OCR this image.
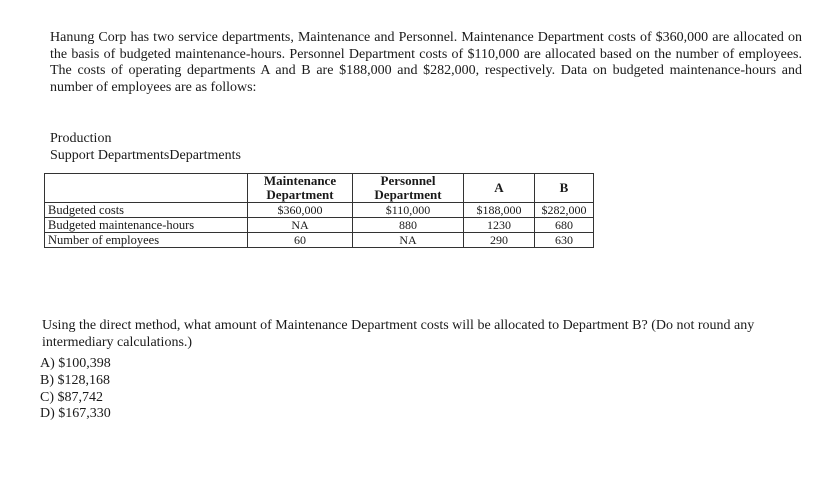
Hanung Corp has two service departments, Maintenance and Personnel. Maintenance Department costs of $360,000 are allocated on the basis of budgeted maintenance-hours. Personnel Department costs of $110,000 are allocated based on the number of employees. The costs of operating departments A and B are $188,000 and $282,000, respectively. Data on budgeted maintenance-hours and number of employees are as follows:
Production
Support DepartmentsDepartments
	Maintenance Department	Personnel Department	A	B
Budgeted costs	$360,000	$110,000	$188,000	$282,000
Budgeted maintenance-hours	NA	880	1230	680
Number of employees	60	NA	290	630
Using the direct method, what amount of Maintenance Department costs will be allocated to Department B? (Do not round any intermediary calculations.)
A) $100,398
B) $128,168
C) $87,742
D) $167,330
